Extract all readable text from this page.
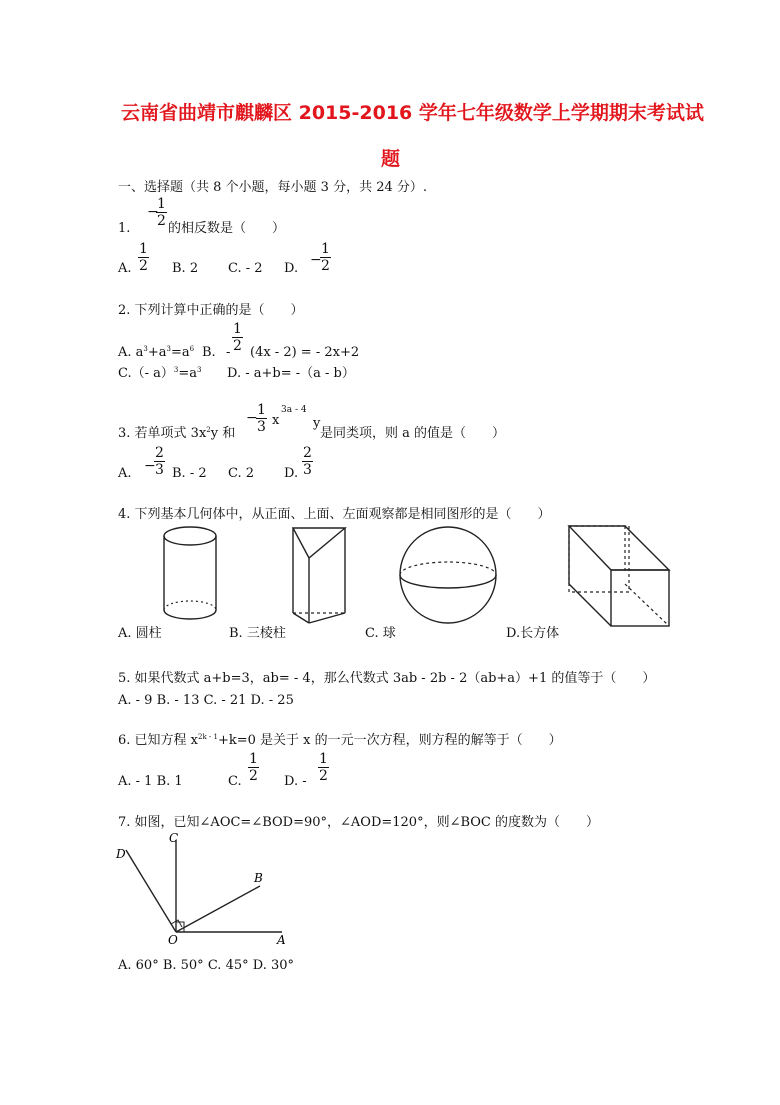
云南省曲靖市麒麟区 2015-2016 学年七年级数学上学期期末考试试
题
一、选择题（共 8 个小题，每小题 3 分，共 24 分）.
−
$\frac{1}{2}$
1.	的相反数是（　　）
A. $\frac{1}{2} B$. 2 C. - 2 D.
−
$\frac{1}{2}$
2. 下列计算中正确的是（　　）
A. $a^3+a^3=a^6$ B. - $\frac{1}{2} (4x - 2)$ = - 2x+2
C.（- $a)^3=a^3$ D. - a+b= -（a - b）
3. 若单项式 $3x^2y$ 和
−
$\frac{1}{3}$ x
3a - 4
y
是同类项，则 a 的值是（　　）
A. −
$\frac{2}{3} B$. - 2 C. 2 D. $\frac{2}{3}$
4. 下列基本几何体中，从正面、上面、左面观察都是相同图形的是（　　）
A. 圆柱	B. 三棱柱	C. 球	D.长方体
5. 如果代数式 a+b=3，ab= - 4，那么代数式 3ab - 2b - 2（ab+a）+1 的值等于（　　）
A. - 9 B. - 13 C. - 21 D. - 25
6. 已知方程 $x^{2k - 1}+k=0$ 是关于 x 的一元一次方程，则方程的解等于（　　）
A. - 1 B. 1	C. $\frac{1}{2} D$. - $\frac{1}{2}$
7. 如图，已知∠AOC=∠BOD=90°，∠AOD=120°，则∠BOC 的度数为（　　）
C
D
B
O	A
A. 60° B. 50° C. 45° D. 30°
